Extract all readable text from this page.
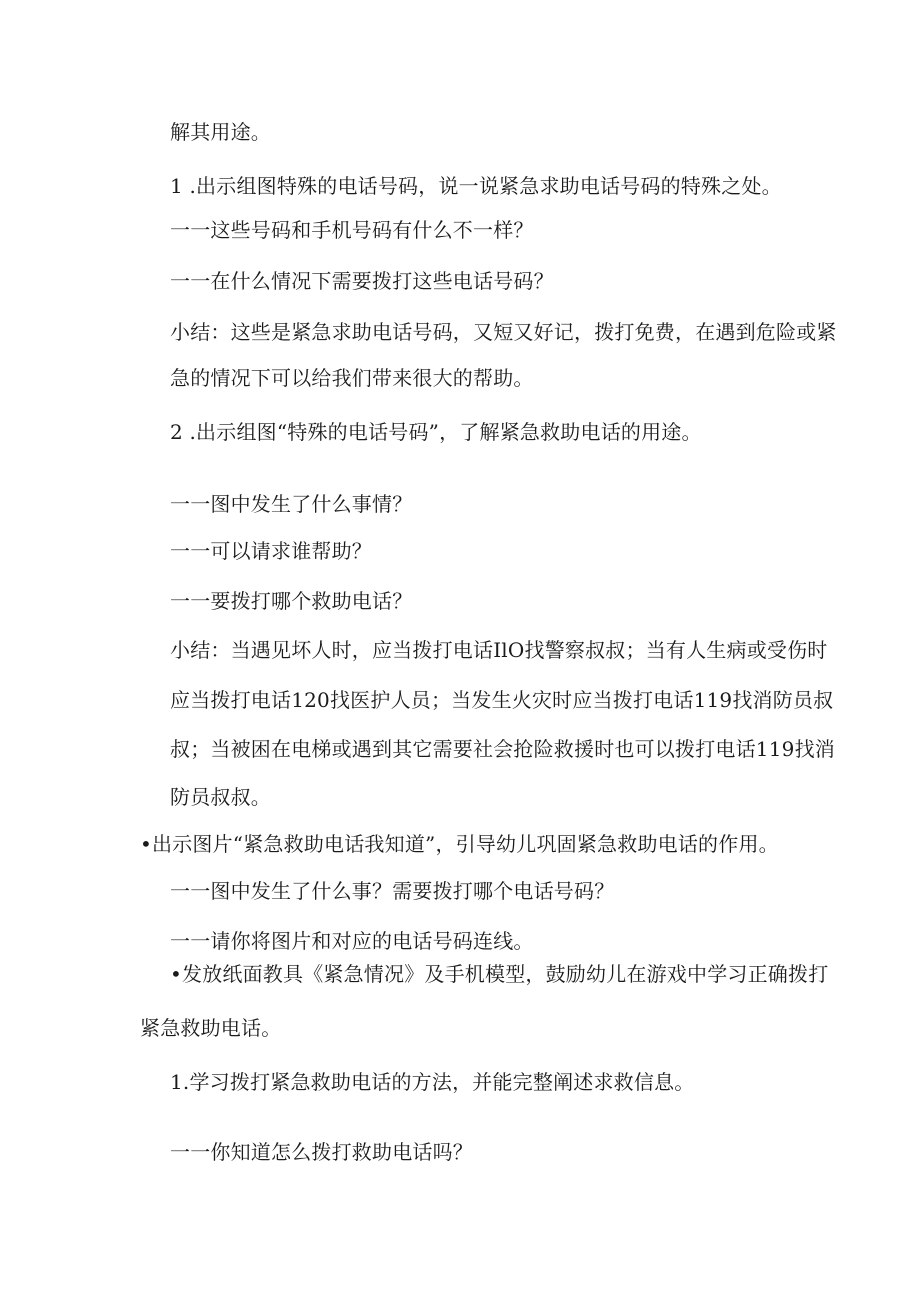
解其用途。
1 .出示组图特殊的电话号码，说一说紧急求助电话号码的特殊之处。
一一这些号码和手机号码有什么不一样？
一一在什么情况下需要拨打这些电话号码？
小结：这些是紧急求助电话号码，又短又好记，拨打免费，在遇到危险或紧
急的情况下可以给我们带来很大的帮助。
2 .出示组图“特殊的电话号码”，了解紧急救助电话的用途。
一一图中发生了什么事情？
一一可以请求谁帮助？
一一要拨打哪个救助电话？
小结：当遇见坏人时，应当拨打电话IlO找警察叔叔；当有人生病或受伤时
应当拨打电话120找医护人员；当发生火灾时应当拨打电话119找消防员叔
叔；当被困在电梯或遇到其它需要社会抢险救援时也可以拨打电话119找消
防员叔叔。
•出示图片“紧急救助电话我知道”，引导幼儿巩固紧急救助电话的作用。
一一图中发生了什么事？需要拨打哪个电话号码？
一一请你将图片和对应的电话号码连线。
•发放纸面教具《紧急情况》及手机模型，鼓励幼儿在游戏中学习正确拨打
紧急救助电话。
1.学习拨打紧急救助电话的方法，并能完整阐述求救信息。
一一你知道怎么拨打救助电话吗？
